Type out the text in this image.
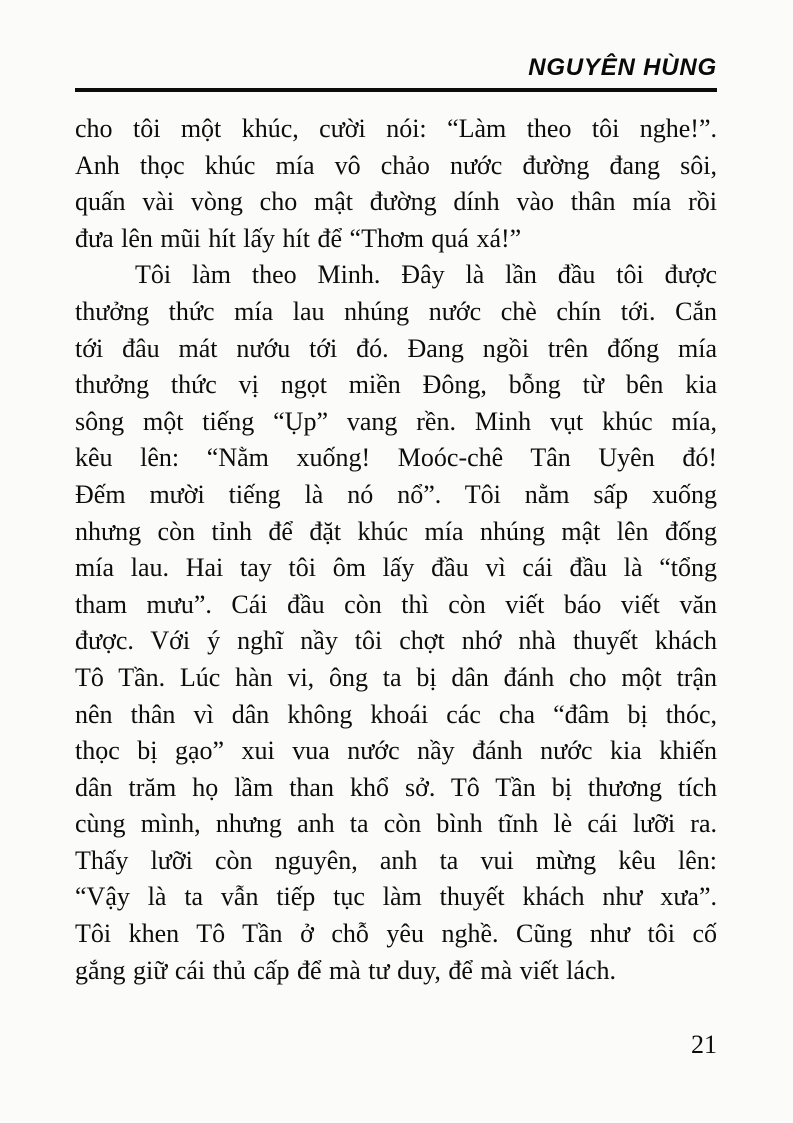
NGUYÊN HÙNG
cho tôi một khúc, cười nói: “Làm theo tôi nghe!”.
Anh thọc khúc mía vô chảo nước đường đang sôi,
quấn vài vòng cho mật đường dính vào thân mía rồi
đưa lên mũi hít lấy hít để “Thơm quá xá!”
Tôi làm theo Minh. Đây là lần đầu tôi được
thưởng thức mía lau nhúng nước chè chín tới. Cắn
tới đâu mát nướu tới đó. Đang ngồi trên đống mía
thưởng thức vị ngọt miền Đông, bỗng từ bên kia
sông một tiếng “Ụp” vang rền. Minh vụt khúc mía,
kêu lên: “Nằm xuống! Moóc-chê Tân Uyên đó!
Đếm mười tiếng là nó nổ”. Tôi nằm sấp xuống
nhưng còn tỉnh để đặt khúc mía nhúng mật lên đống
mía lau. Hai tay tôi ôm lấy đầu vì cái đầu là “tổng
tham mưu”. Cái đầu còn thì còn viết báo viết văn
được. Với ý nghĩ nầy tôi chợt nhớ nhà thuyết khách
Tô Tần. Lúc hàn vi, ông ta bị dân đánh cho một trận
nên thân vì dân không khoái các cha “đâm bị thóc,
thọc bị gạo” xui vua nước nầy đánh nước kia khiến
dân trăm họ lầm than khổ sở. Tô Tần bị thương tích
cùng mình, nhưng anh ta còn bình tĩnh lè cái lưỡi ra.
Thấy lưỡi còn nguyên, anh ta vui mừng kêu lên:
“Vậy là ta vẫn tiếp tục làm thuyết khách như xưa”.
Tôi khen Tô Tần ở chỗ yêu nghề. Cũng như tôi cố
gắng giữ cái thủ cấp để mà tư duy, để mà viết lách.
21
